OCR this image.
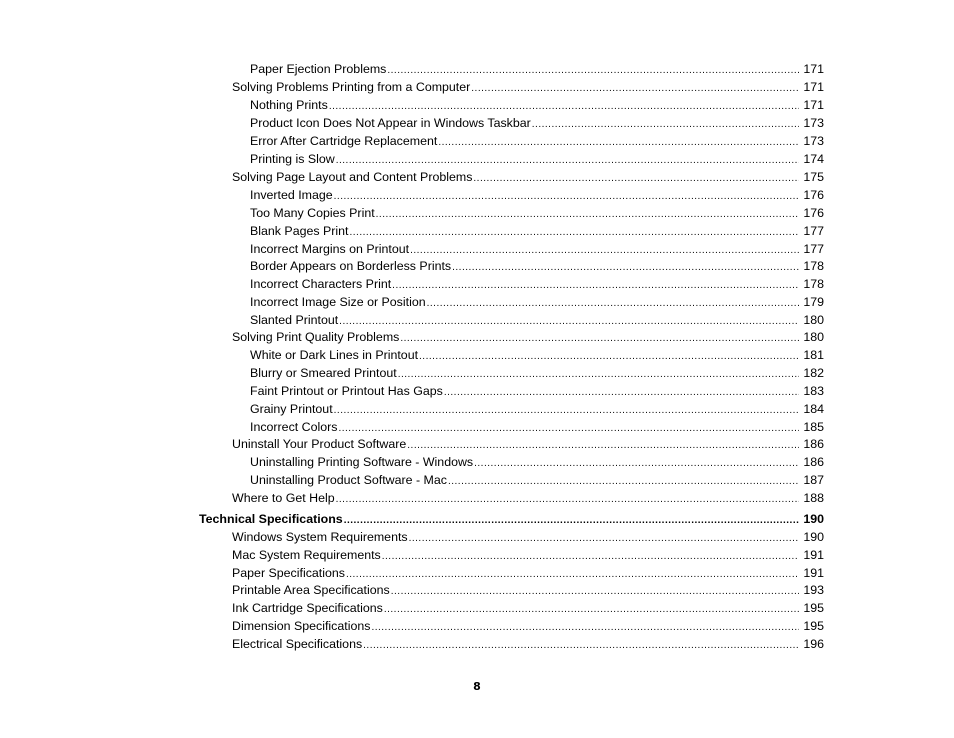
Paper Ejection Problems .....	171
Solving Problems Printing from a Computer .....	171
Nothing Prints .....	171
Product Icon Does Not Appear in Windows Taskbar .....	173
Error After Cartridge Replacement .....	173
Printing is Slow .....	174
Solving Page Layout and Content Problems .....	175
Inverted Image .....	176
Too Many Copies Print .....	176
Blank Pages Print .....	177
Incorrect Margins on Printout .....	177
Border Appears on Borderless Prints .....	178
Incorrect Characters Print .....	178
Incorrect Image Size or Position .....	179
Slanted Printout .....	180
Solving Print Quality Problems .....	180
White or Dark Lines in Printout .....	181
Blurry or Smeared Printout .....	182
Faint Printout or Printout Has Gaps .....	183
Grainy Printout .....	184
Incorrect Colors .....	185
Uninstall Your Product Software .....	186
Uninstalling Printing Software - Windows .....	186
Uninstalling Product Software - Mac .....	187
Where to Get Help .....	188
Technical Specifications .....	190
Windows System Requirements .....	190
Mac System Requirements .....	191
Paper Specifications .....	191
Printable Area Specifications .....	193
Ink Cartridge Specifications .....	195
Dimension Specifications .....	195
Electrical Specifications .....	196
8
